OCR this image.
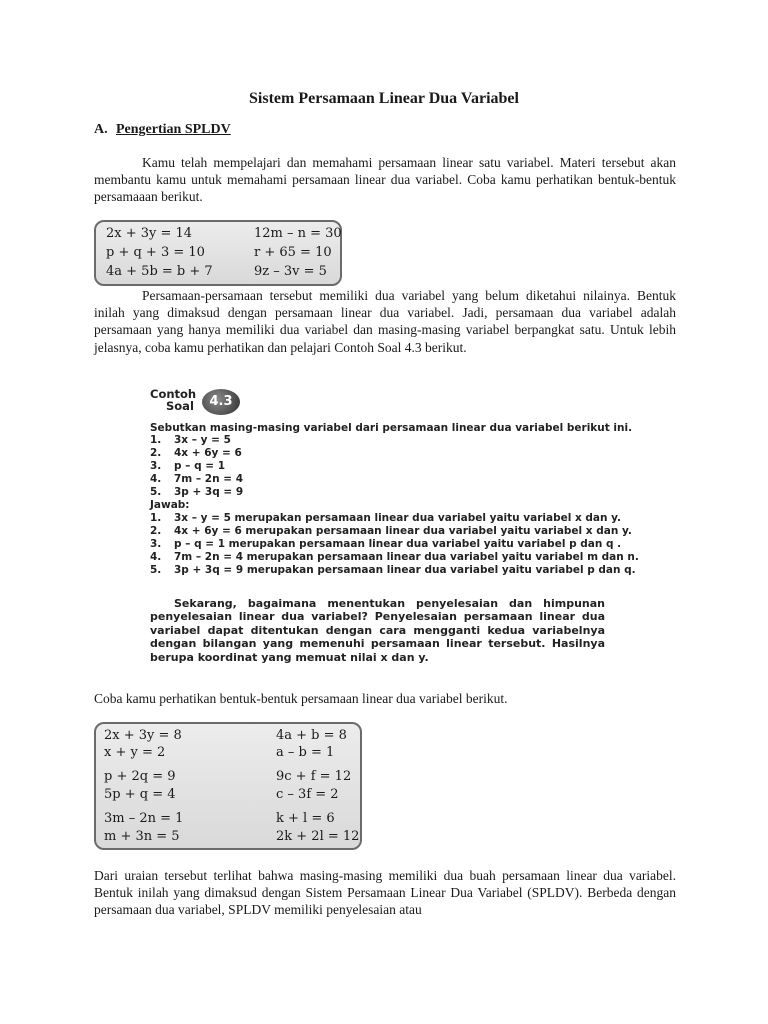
Sistem Persamaan Linear Dua Variabel
A. Pengertian SPLDV
Kamu telah mempelajari dan memahami persamaan linear satu variabel. Materi tersebut akan membantu kamu untuk memahami persamaan linear dua variabel. Coba kamu perhatikan bentuk-bentuk persamaaan berikut.
2x + 3y = 14
p + q + 3 = 10
4a + 5b = b + 7
12m – n = 30
r + 65 = 10
9z – 3v = 5
Persamaan-persamaan tersebut memiliki dua variabel yang belum diketahui nilainya. Bentuk inilah yang dimaksud dengan persamaan linear dua variabel. Jadi, persamaan dua variabel adalah persamaan yang hanya memiliki dua variabel dan masing-masing variabel berpangkat satu. Untuk lebih jelasnya, coba kamu perhatikan dan pelajari Contoh Soal 4.3 berikut.
Contoh
Soal	4.3
Sebutkan masing-masing variabel dari persamaan linear dua variabel berikut ini.
1. 3x – y = 5
2. 4x + 6y = 6
3. p – q = 1
4. 7m – 2n = 4
5. 3p + 3q = 9
Jawab:
1. 3x – y = 5 merupakan persamaan linear dua variabel yaitu variabel x dan y.
2. 4x + 6y = 6 merupakan persamaan linear dua variabel yaitu variabel x dan y.
3. p – q = 1 merupakan persamaan linear dua variabel yaitu variabel p dan q .
4. 7m – 2n = 4 merupakan persamaan linear dua variabel yaitu variabel m dan n.
5. 3p + 3q = 9 merupakan persamaan linear dua variabel yaitu variabel p dan q.
Sekarang, bagaimana menentukan penyelesaian dan himpunan penyelesaian linear dua variabel? Penyelesaian persamaan linear dua variabel dapat ditentukan dengan cara mengganti kedua variabelnya dengan bilangan yang memenuhi persamaan linear tersebut. Hasilnya berupa koordinat yang memuat nilai x dan y.
Coba kamu perhatikan bentuk-bentuk persamaan linear dua variabel berikut.
2x + 3y = 8
x + y = 2
p + 2q = 9
5p + q = 4
3m – 2n = 1
m + 3n = 5
4a + b = 8
a – b = 1
9c + f = 12
c – 3f = 2
k + l = 6
2k + 2l = 12
Dari uraian tersebut terlihat bahwa masing-masing memiliki dua buah persamaan linear dua variabel. Bentuk inilah yang dimaksud dengan Sistem Persamaan Linear Dua Variabel (SPLDV). Berbeda dengan persamaan dua variabel, SPLDV memiliki penyelesaian atau
